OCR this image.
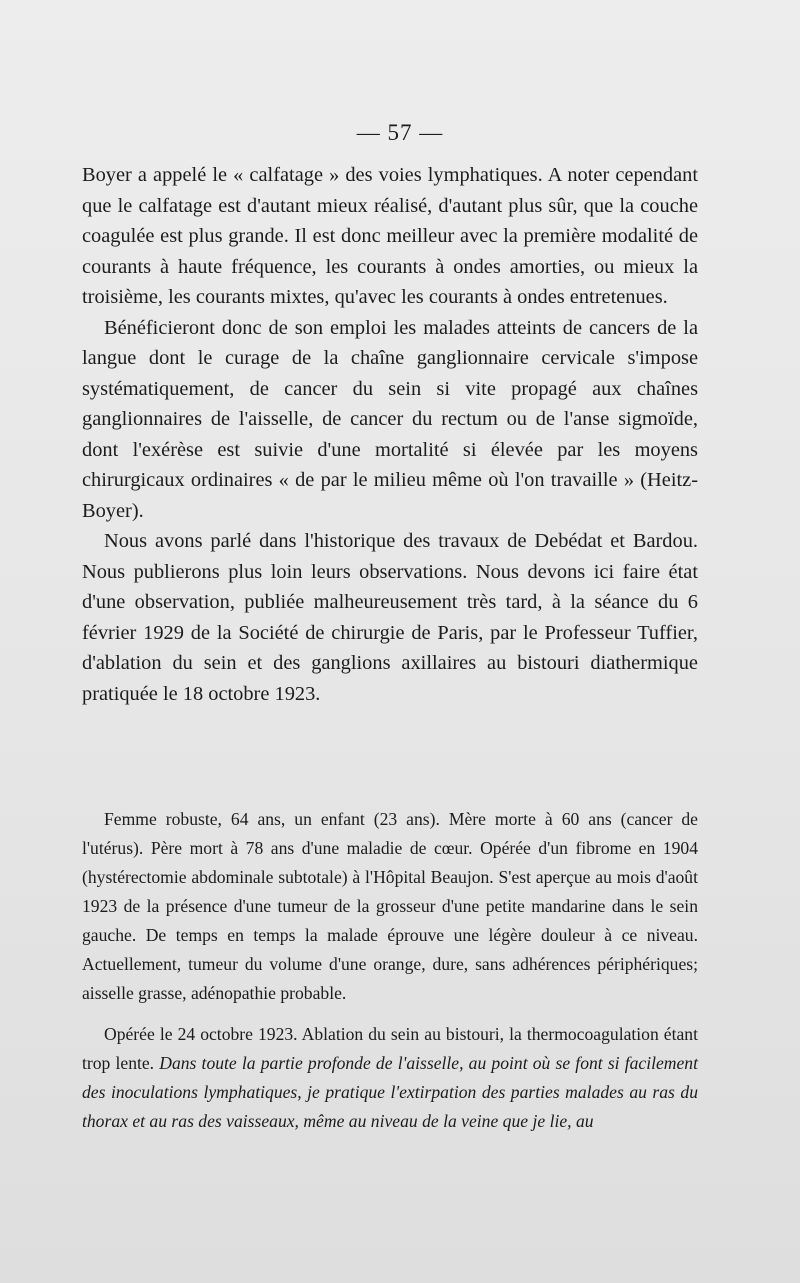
— 57 —

Boyer a appelé le « calfatage » des voies lymphatiques. A noter cependant que le calfatage est d'autant mieux réalisé, d'autant plus sûr, que la couche coagulée est plus grande. Il est donc meilleur avec la première modalité de courants à haute fréquence, les courants à ondes amorties, ou mieux la troisième, les courants mixtes, qu'avec les courants à ondes entretenues.

Bénéficieront donc de son emploi les malades atteints de cancers de la langue dont le curage de la chaîne ganglionnaire cervicale s'impose systématiquement, de cancer du sein si vite propagé aux chaînes ganglionnaires de l'aisselle, de cancer du rectum ou de l'anse sigmoïde, dont l'exérèse est suivie d'une mortalité si élevée par les moyens chirurgicaux ordinaires « de par le milieu même où l'on travaille » (Heitz-Boyer).

Nous avons parlé dans l'historique des travaux de Debédat et Bardou. Nous publierons plus loin leurs observations. Nous devons ici faire état d'une observation, publiée malheureusement très tard, à la séance du 6 février 1929 de la Société de chirurgie de Paris, par le Professeur Tuffier, d'ablation du sein et des ganglions axillaires au bistouri diathermique pratiquée le 18 octobre 1923.

Femme robuste, 64 ans, un enfant (23 ans). Mère morte à 60 ans (cancer de l'utérus). Père mort à 78 ans d'une maladie de cœur. Opérée d'un fibrome en 1904 (hystérectomie abdominale subtotale) à l'Hôpital Beaujon. S'est aperçue au mois d'août 1923 de la présence d'une tumeur de la grosseur d'une petite mandarine dans le sein gauche. De temps en temps la malade éprouve une légère douleur à ce niveau. Actuellement, tumeur du volume d'une orange, dure, sans adhérences périphériques; aisselle grasse, adénopathie probable.

Opérée le 24 octobre 1923. Ablation du sein au bistouri, la thermocoagulation étant trop lente. Dans toute la partie profonde de l'aisselle, au point où se font si facilement des inoculations lymphatiques, je pratique l'extirpation des parties malades au ras du thorax et au ras des vaisseaux, même au niveau de la veine que je lie, au
